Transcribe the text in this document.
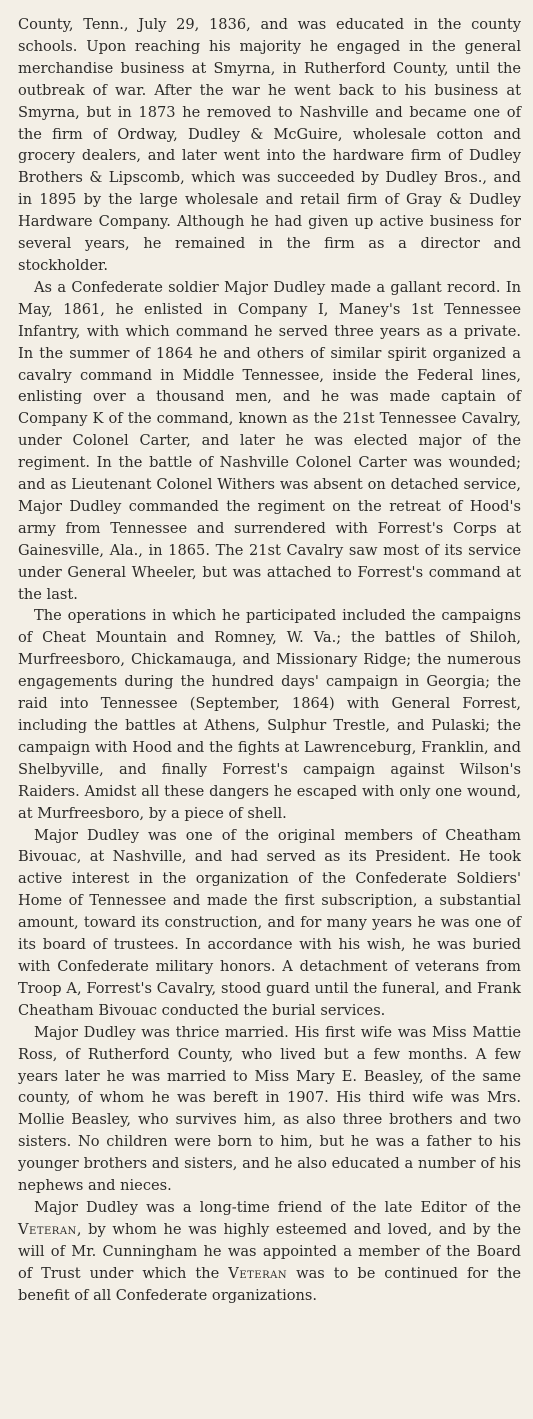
County, Tenn., July 29, 1836, and was educated in the county schools. Upon reaching his majority he engaged in the general merchandise business at Smyrna, in Rutherford County, until the outbreak of war. After the war he went back to his business at Smyrna, but in 1873 he removed to Nashville and became one of the firm of Ordway, Dudley & McGuire, wholesale cotton and grocery dealers, and later went into the hardware firm of Dudley Brothers & Lipscomb, which was succeeded by Dudley Bros., and in 1895 by the large wholesale and retail firm of Gray & Dudley Hardware Company. Although he had given up active business for several years, he remained in the firm as a director and stockholder.

As a Confederate soldier Major Dudley made a gallant record. In May, 1861, he enlisted in Company I, Maney's 1st Tennessee Infantry, with which command he served three years as a private. In the summer of 1864 he and others of similar spirit organized a cavalry command in Middle Tennessee, inside the Federal lines, enlisting over a thousand men, and he was made captain of Company K of the command, known as the 21st Tennessee Cavalry, under Colonel Carter, and later he was elected major of the regiment. In the battle of Nashville Colonel Carter was wounded; and as Lieutenant Colonel Withers was absent on detached service, Major Dudley commanded the regiment on the retreat of Hood's army from Tennessee and surrendered with Forrest's Corps at Gainesville, Ala., in 1865. The 21st Cavalry saw most of its service under General Wheeler, but was attached to Forrest's command at the last.

The operations in which he participated included the campaigns of Cheat Mountain and Romney, W. Va.; the battles of Shiloh, Murfreesboro, Chickamauga, and Missionary Ridge; the numerous engagements during the hundred days' campaign in Georgia; the raid into Tennessee (September, 1864) with General Forrest, including the battles at Athens, Sulphur Trestle, and Pulaski; the campaign with Hood and the fights at Lawrenceburg, Franklin, and Shelbyville, and finally Forrest's campaign against Wilson's Raiders. Amidst all these dangers he escaped with only one wound, at Murfreesboro, by a piece of shell.

Major Dudley was one of the original members of Cheatham Bivouac, at Nashville, and had served as its President. He took active interest in the organization of the Confederate Soldiers' Home of Tennessee and made the first subscription, a substantial amount, toward its construction, and for many years he was one of its board of trustees. In accordance with his wish, he was buried with Confederate military honors. A detachment of veterans from Troop A, Forrest's Cavalry, stood guard until the funeral, and Frank Cheatham Bivouac conducted the burial services.

Major Dudley was thrice married. His first wife was Miss Mattie Ross, of Rutherford County, who lived but a few months. A few years later he was married to Miss Mary E. Beasley, of the same county, of whom he was bereft in 1907. His third wife was Mrs. Mollie Beasley, who survives him, as also three brothers and two sisters. No children were born to him, but he was a father to his younger brothers and sisters, and he also educated a number of his nephews and nieces.

Major Dudley was a long-time friend of the late Editor of the Veteran, by whom he was highly esteemed and loved, and by the will of Mr. Cunningham he was appointed a member of the Board of Trust under which the Veteran was to be continued for the benefit of all Confederate organizations.
